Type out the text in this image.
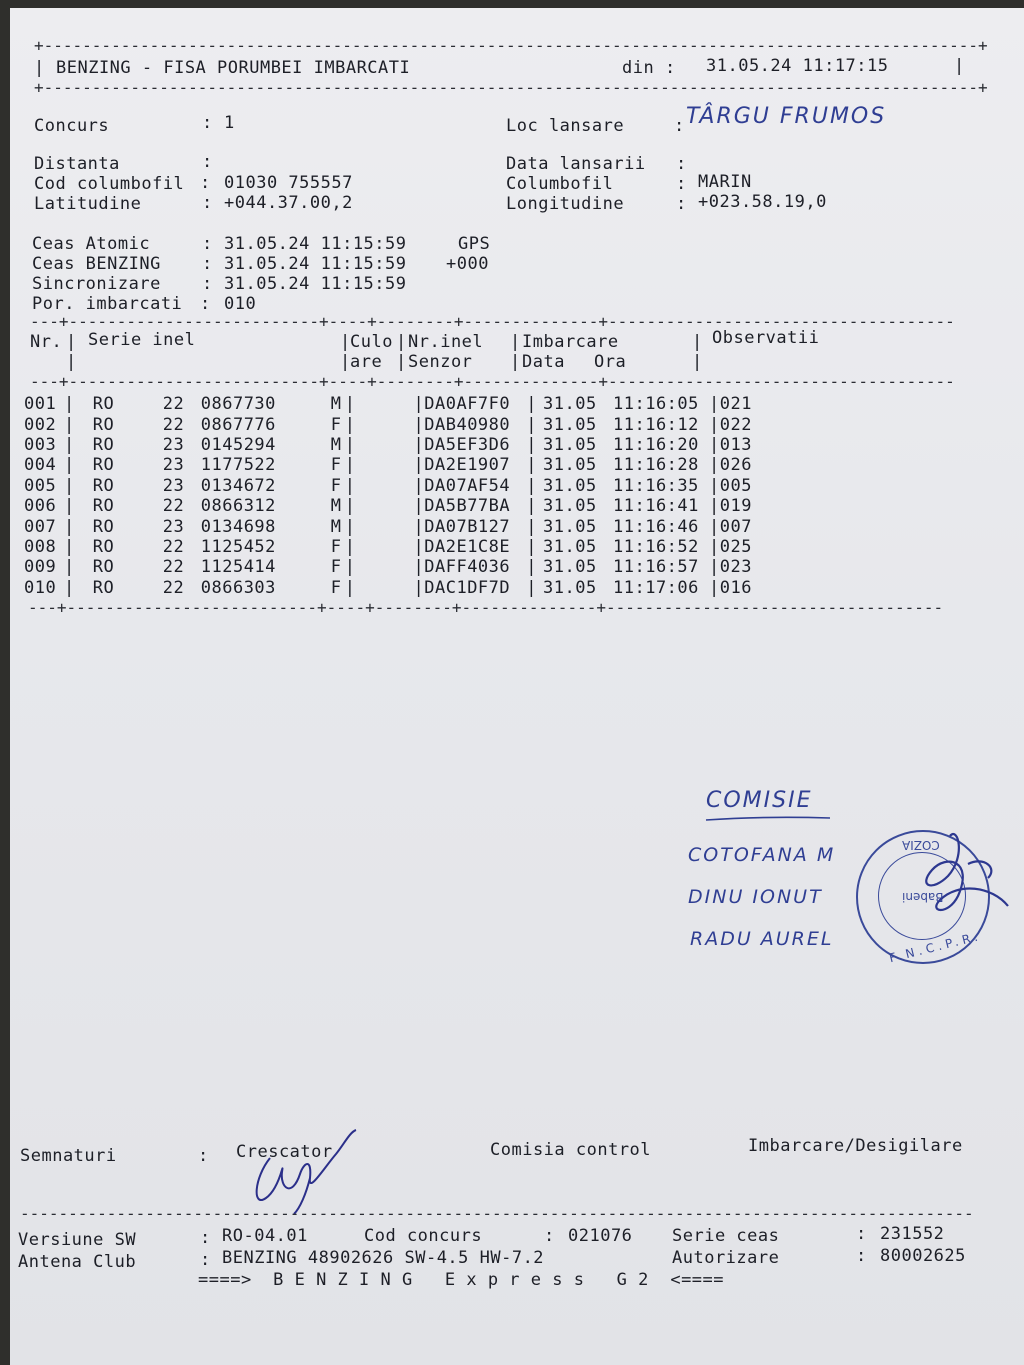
+-------------------------------------------------------------------------------------------------+
| BENZING - FISA PORUMBEI IMBARCATI	din : 31.05.24 11:17:15	|
+-------------------------------------------------------------------------------------------------+
Concurs	: 1	Loc lansare	: TÂRGU FRUMOS
Distanta	:	Data lansarii :
Cod columbofil : 01030 755557	Columbofil	: MARIN
Latitudine	: +044.37.00,2	Longitudine	: +023.58.19,0
Ceas Atomic	: 31.05.24 11:15:59	GPS
Ceas BENZING : 31.05.24 11:15:59 +000
Sincronizare : 31.05.24 11:15:59
Por. imbarcati : 010
---+--------------------------+----+--------+--------------+------------------------------------
Nr. | Serie inel	| Culo | Nr.inel | Imbarcare	| Observatii
|	| are | Senzor | Data Ora	|
---+--------------------------+----+--------+--------------+------------------------------------
001	|	RO	22	0867730	M	|		|	DA0AF7F0	|	31.05	11:16:05	|	021
002	|	RO	22	0867776	F	|		|	DAB40980	|	31.05	11:16:12	|	022
003	|	RO	23	0145294	M	|		|	DA5EF3D6	|	31.05	11:16:20	|	013
004	|	RO	23	1177522	F	|		|	DA2E1907	|	31.05	11:16:28	|	026
005	|	RO	23	0134672	F	|		|	DA07AF54	|	31.05	11:16:35	|	005
006	|	RO	22	0866312	M	|		|	DA5B77BA	|	31.05	11:16:41	|	019
007	|	RO	23	0134698	M	|		|	DA07B127	|	31.05	11:16:46	|	007
008	|	RO	22	1125452	F	|		|	DA2E1C8E	|	31.05	11:16:52	|	025
009	|	RO	22	1125414	F	|		|	DAFF4036	|	31.05	11:16:57	|	023
010	|	RO	22	0866303	F	|		|	DAC1DF7D	|	31.05	11:17:06	|	016
---+--------------------------+----+--------+--------------+-----------------------------------
COMISIE
COTOFANA M
DINU IONUT
RADU AUREL
COZIA
Babeni
F.N.C.P.R.
Semnaturi	: Crescator	Comisia control	Imbarcare/Desigilare
---------------------------------------------------------------------------------------------------
Versiune SW	: RO-04.01	Cod concurs	: 021076 Serie ceas	: 231552
Antena Club	: BENZING 48902626 SW-4.5 HW-7.2	Autorizare	: 80002625
====>  B E N Z I N G   E x p r e s s   G 2  <====
